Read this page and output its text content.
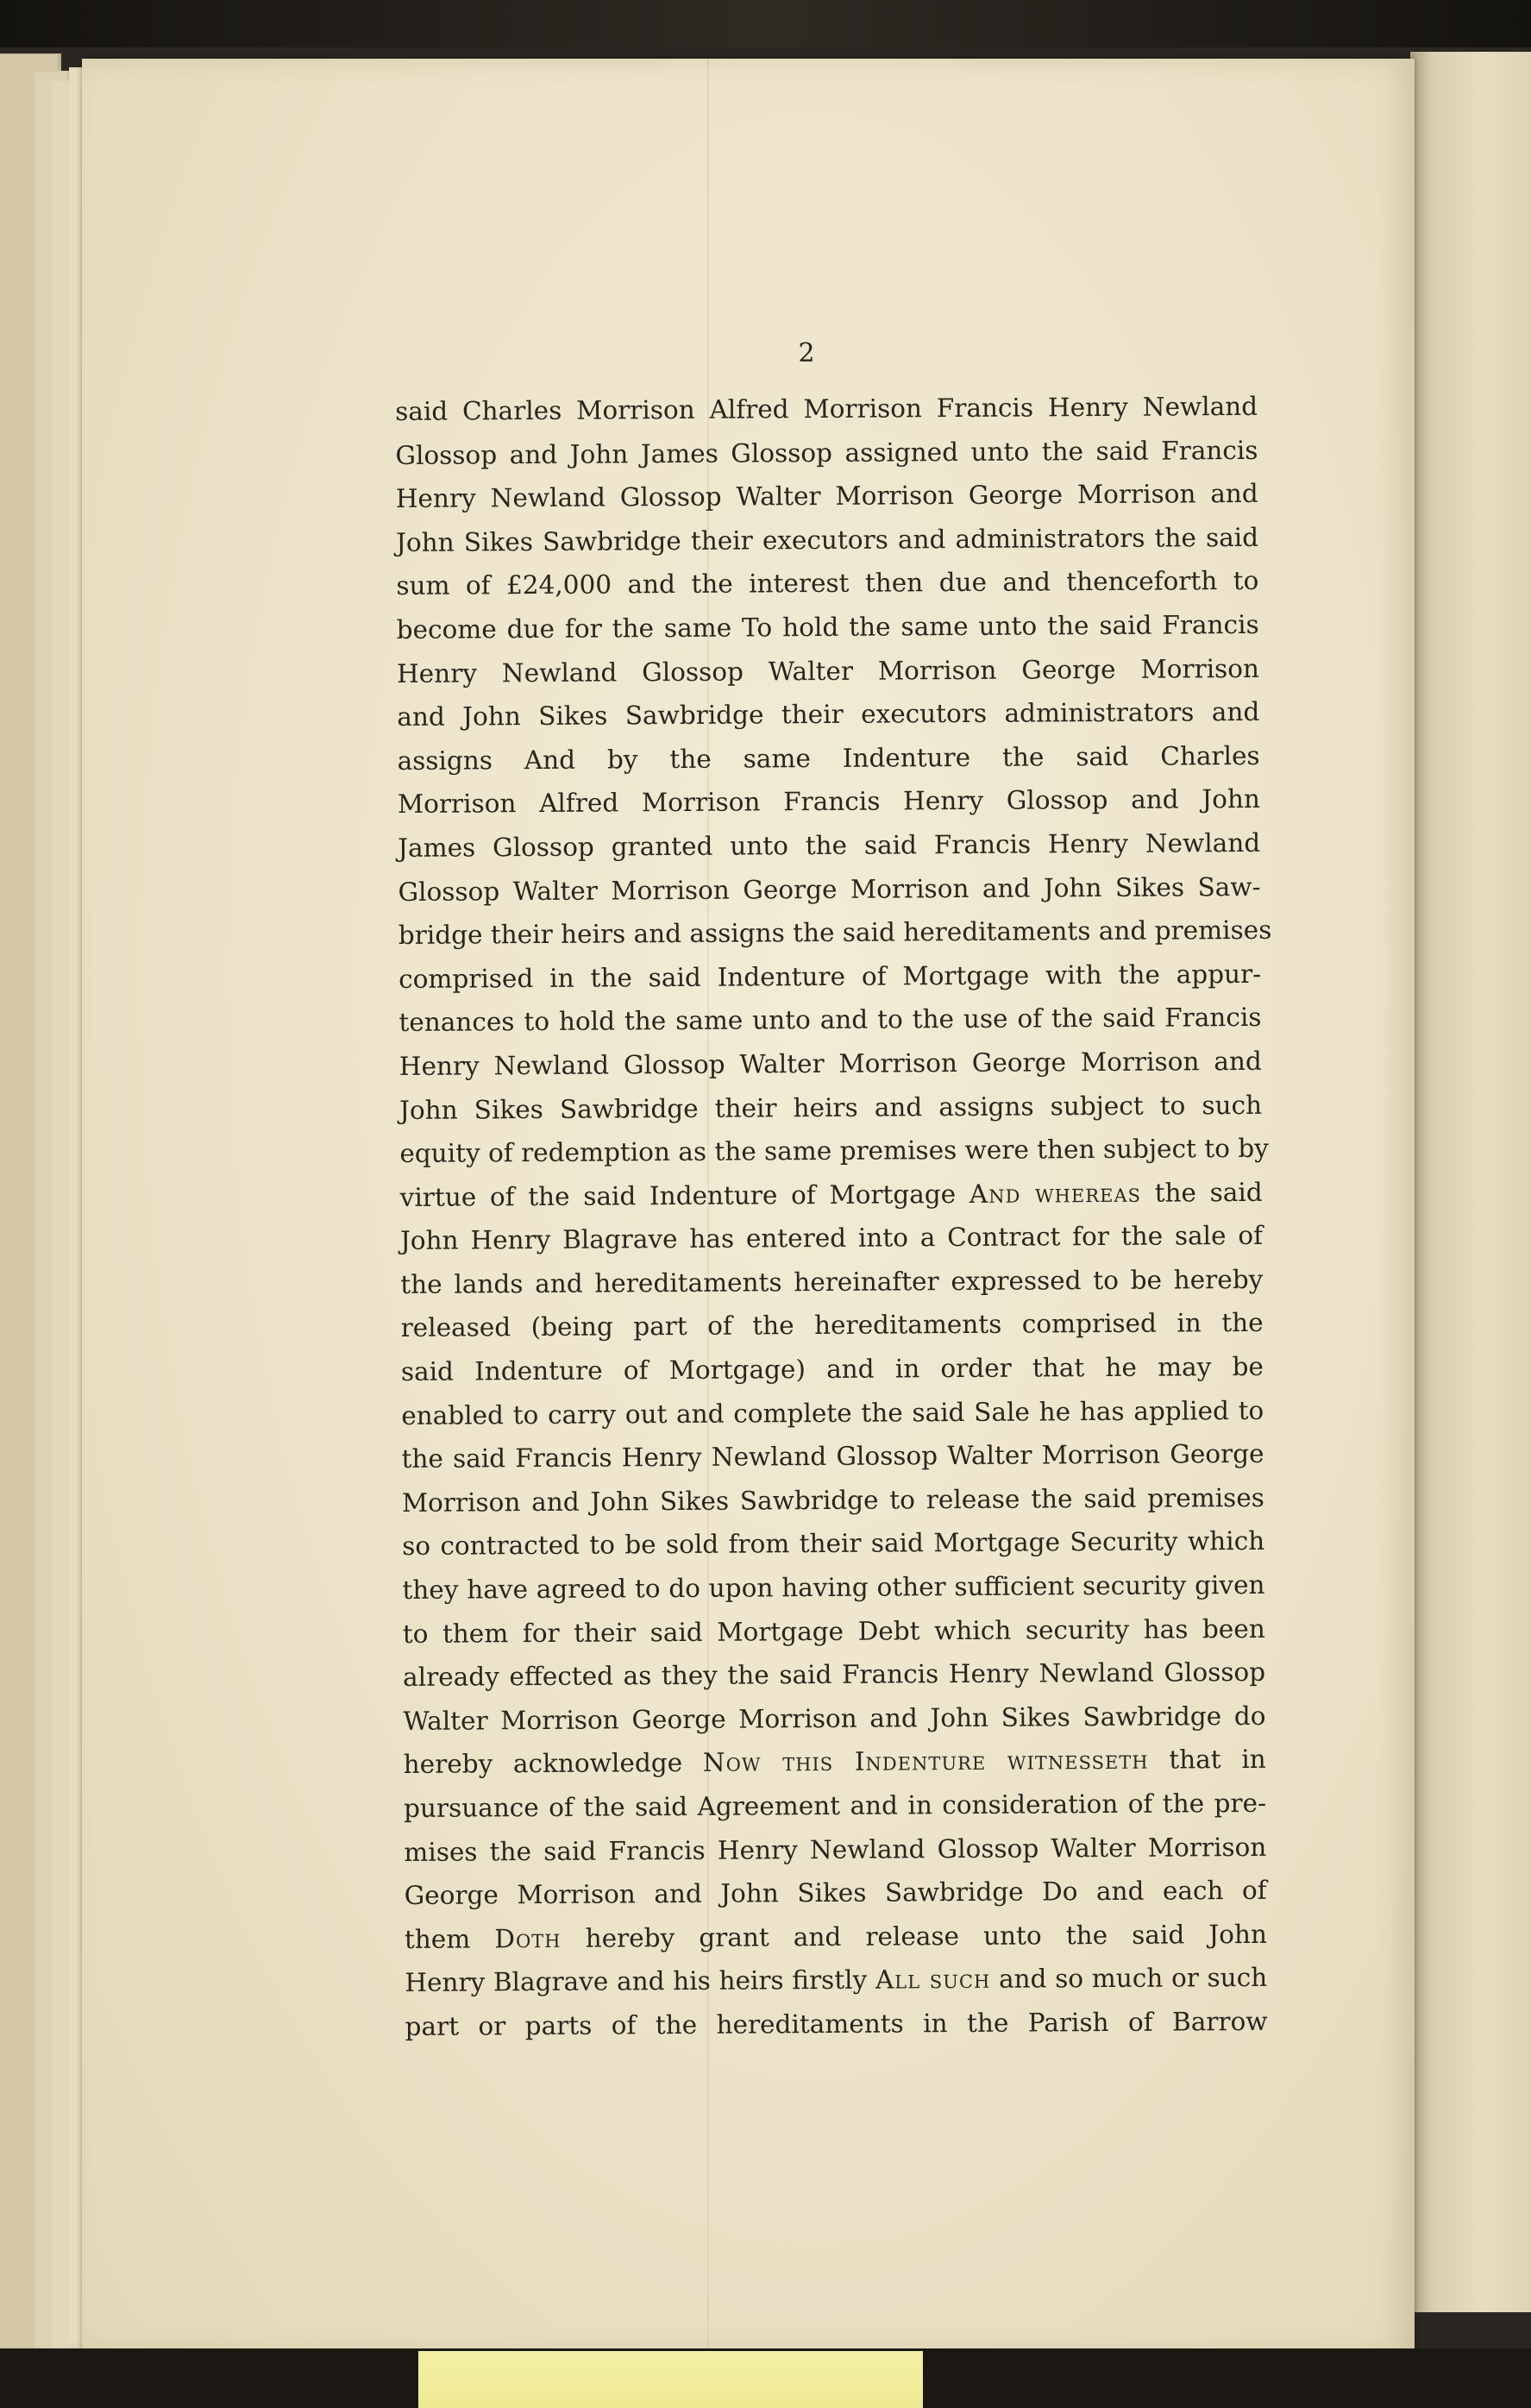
2
said Charles Morrison Alfred Morrison Francis Henry Newland
Glossop and John James Glossop assigned unto the said Francis
Henry Newland Glossop Walter Morrison George Morrison and
John Sikes Sawbridge their executors and administrators the said
sum of £24,000 and the interest then due and thenceforth to
become due for the same To hold the same unto the said Francis
Henry Newland Glossop Walter Morrison George Morrison
and John Sikes Sawbridge their executors administrators and
assigns And by the same Indenture the said Charles
Morrison Alfred Morrison Francis Henry Glossop and John
James Glossop granted unto the said Francis Henry Newland
Glossop Walter Morrison George Morrison and John Sikes Saw-
bridge their heirs and assigns the said hereditaments and premises
comprised in the said Indenture of Mortgage with the appur-
tenances to hold the same unto and to the use of the said Francis
Henry Newland Glossop Walter Morrison George Morrison and
John Sikes Sawbridge their heirs and assigns subject to such
equity of redemption as the same premises were then subject to by
virtue of the said Indenture of Mortgage And whereas the said
John Henry Blagrave has entered into a Contract for the sale of
the lands and hereditaments hereinafter expressed to be hereby
released (being part of the hereditaments comprised in the
said Indenture of Mortgage) and in order that he may be
enabled to carry out and complete the said Sale he has applied to
the said Francis Henry Newland Glossop Walter Morrison George
Morrison and John Sikes Sawbridge to release the said premises
so contracted to be sold from their said Mortgage Security which
they have agreed to do upon having other sufficient security given
to them for their said Mortgage Debt which security has been
already effected as they the said Francis Henry Newland Glossop
Walter Morrison George Morrison and John Sikes Sawbridge do
hereby acknowledge Now this Indenture witnesseth that in
pursuance of the said Agreement and in consideration of the pre-
mises the said Francis Henry Newland Glossop Walter Morrison
George Morrison and John Sikes Sawbridge Do and each of
them Doth hereby grant and release unto the said John
Henry Blagrave and his heirs firstly All such and so much or such
part or parts of the hereditaments in the Parish of Barrow
